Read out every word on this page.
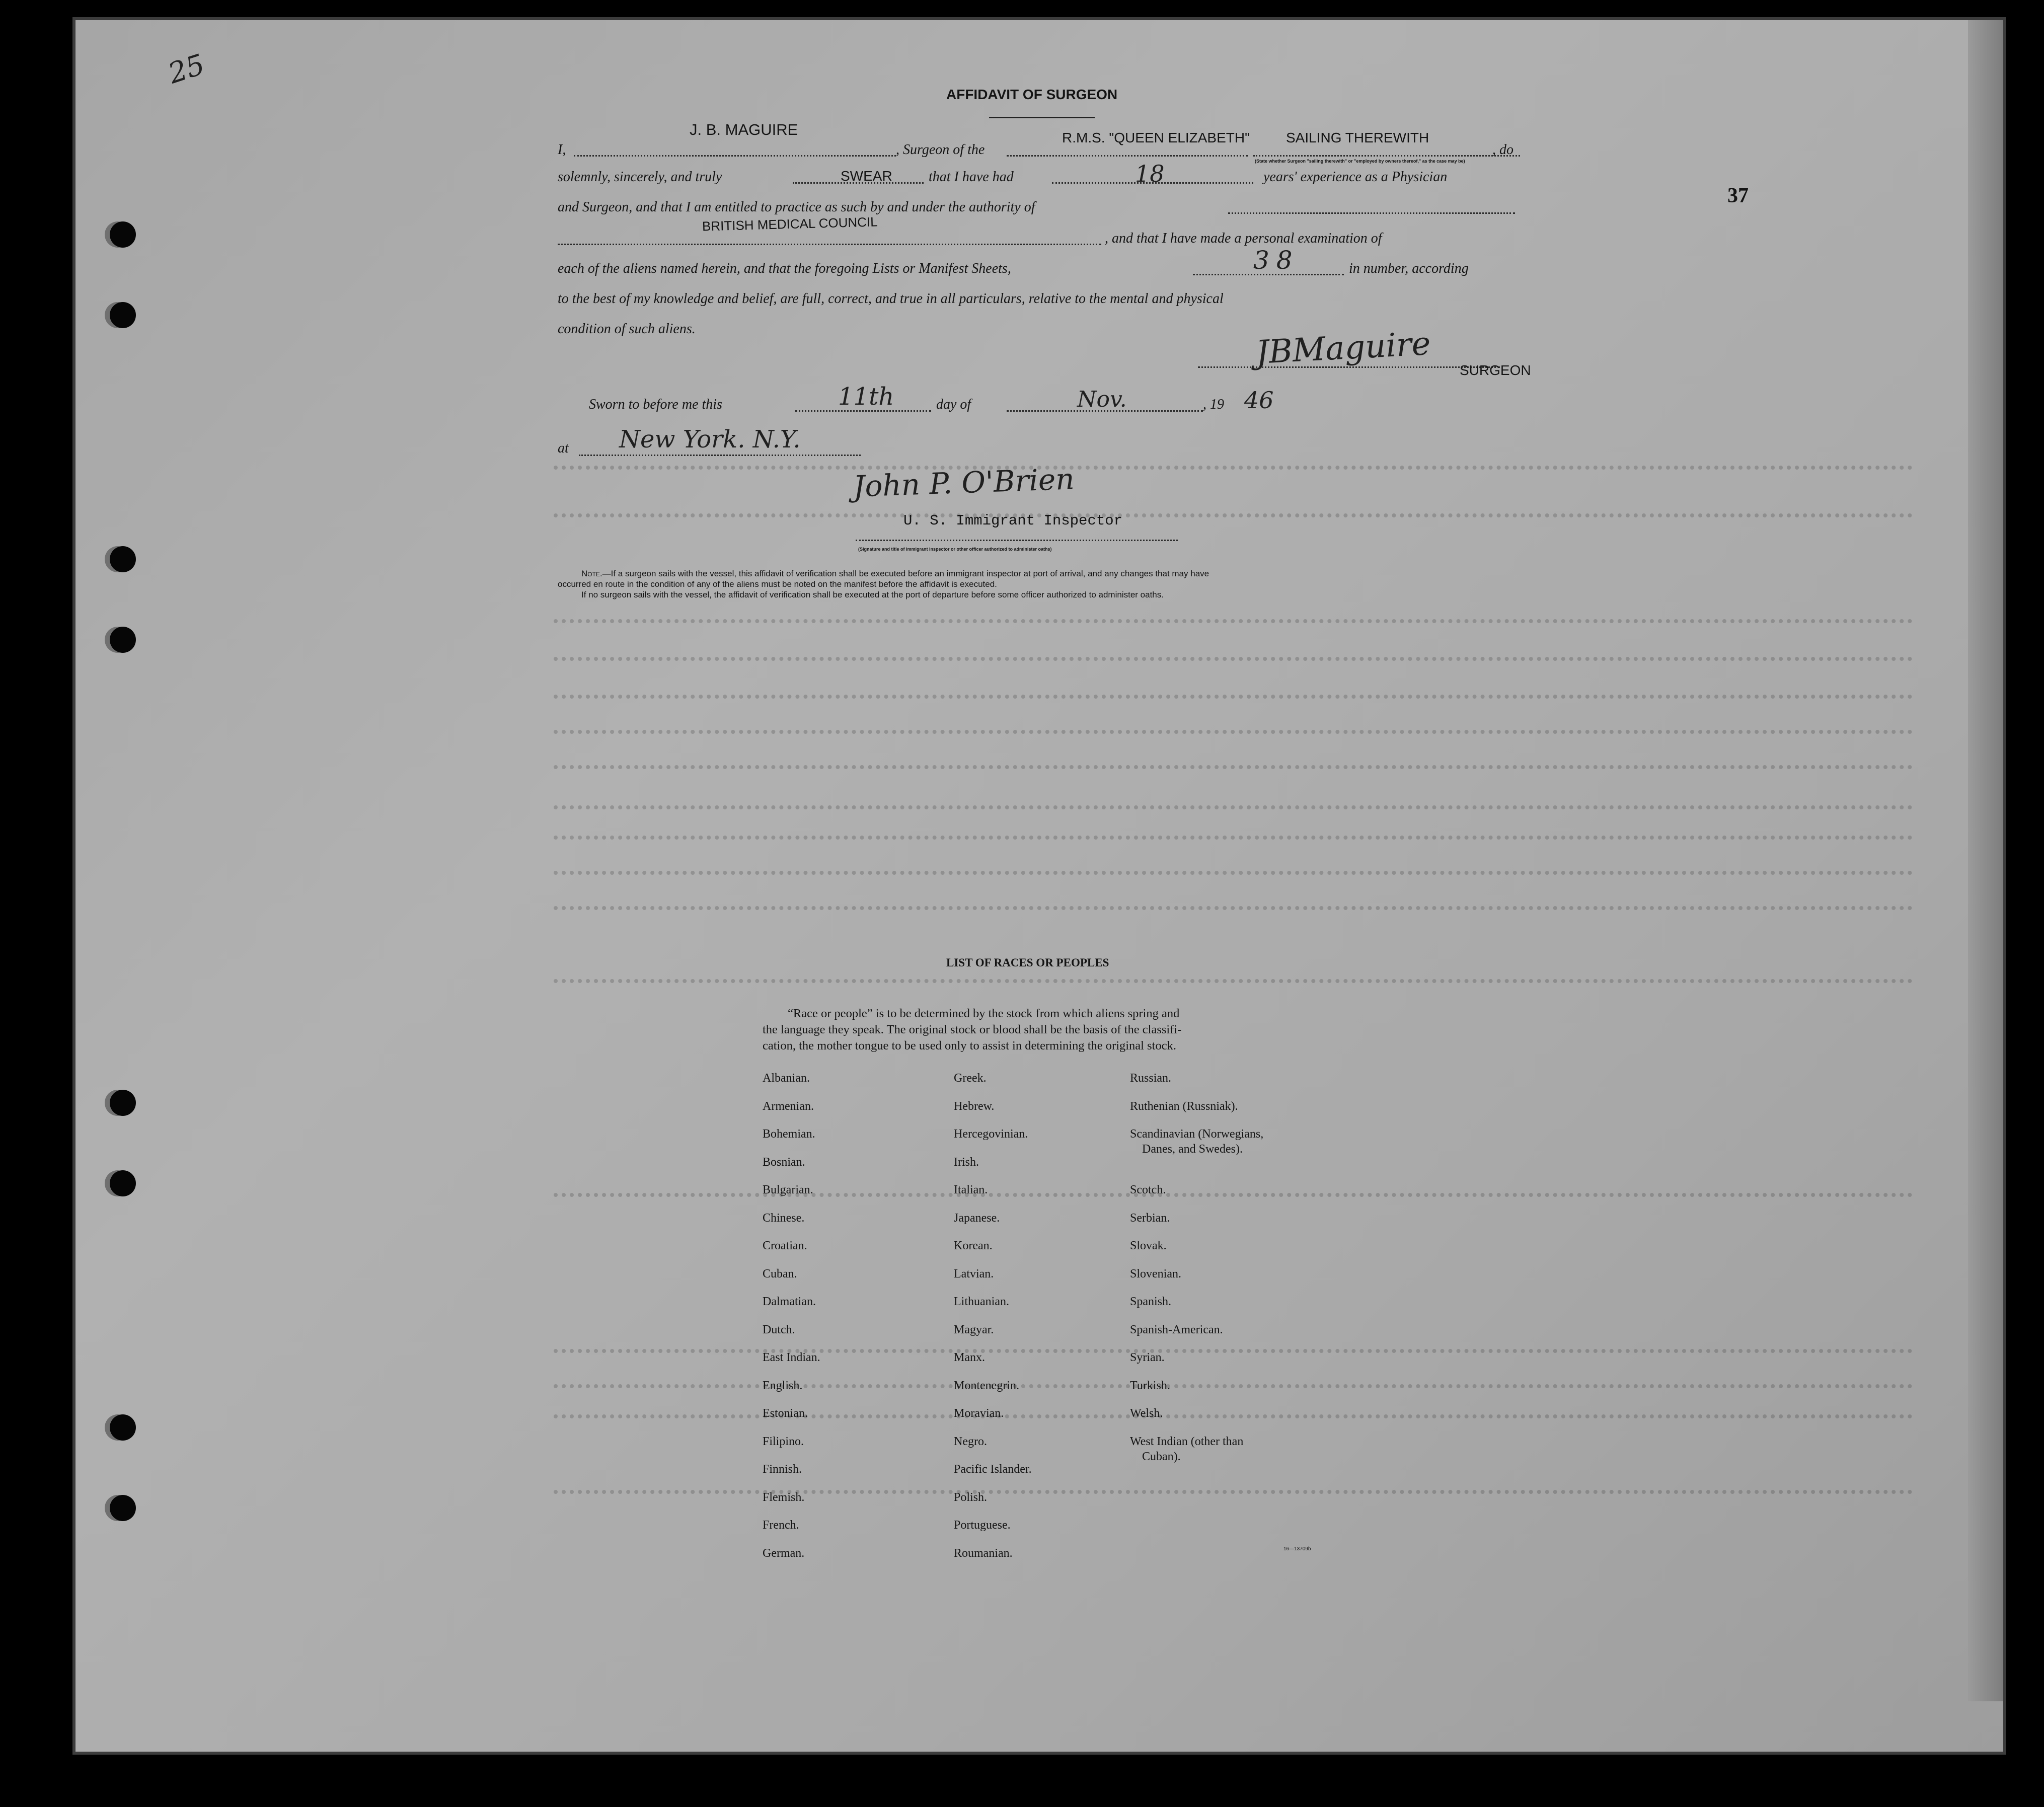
25
37
AFFIDAVIT OF SURGEON
I,
J. B. MAGUIRE
, Surgeon of the
R.M.S. "QUEEN ELIZABETH"	SAILING THEREWITH
, do
(State whether Surgeon "sailing therewith" or "employed by owners thereof," as the case may be)
solemnly, sincerely, and truly	SWEAR	that I have had	18	years' experience as a Physician
and Surgeon, and that I am entitled to practice as such by and under the authority of
BRITISH MEDICAL COUNCIL
, and that I have made a personal examination of
each of the aliens named herein, and that the foregoing Lists or Manifest Sheets,	38	in number, according
to the best of my knowledge and belief, are full, correct, and true in all particulars, relative to the mental and physical
condition of such aliens.	JBMaguire SURGEON
Sworn to before me this	11th	day of	Nov.	, 19 46
at New York. N.Y.
John P. O'Brien
U. S. Immigrant Inspector
(Signature and title of immigrant inspector or other officer authorized to administer oaths)
Note.—If a surgeon sails with the vessel, this affidavit of verification shall be executed before an immigrant inspector at port of arrival, and any changes that may have
occurred en route in the condition of any of the aliens must be noted on the manifest before the affidavit is executed.
If no surgeon sails with the vessel, the affidavit of verification shall be executed at the port of departure before some officer authorized to administer oaths.
LIST OF RACES OR PEOPLES
“Race or people” is to be determined by the stock from which aliens spring and
the language they speak. The original stock or blood shall be the basis of the classifi-
cation, the mother tongue to be used only to assist in determining the original stock.
Albanian.
Armenian.
Bohemian.
Bosnian.
Bulgarian.
Chinese.
Croatian.
Cuban.
Dalmatian.
Dutch.
East Indian.
English.
Estonian.
Filipino.
Finnish.
Flemish.
French.
German.
Greek.
Hebrew.
Hercegovinian.
Irish.
Italian.
Japanese.
Korean.
Latvian.
Lithuanian.
Magyar.
Manx.
Montenegrin.
Moravian.
Negro.
Pacific Islander.
Polish.
Portuguese.
Roumanian.
Russian.
Ruthenian (Russniak).
Scandinavian (Norwegians,
Danes, and Swedes).
Scotch.
Serbian.
Slovak.
Slovenian.
Spanish.
Spanish-American.
Syrian.
Turkish.
Welsh.
West Indian (other than
Cuban).
16—13709b
